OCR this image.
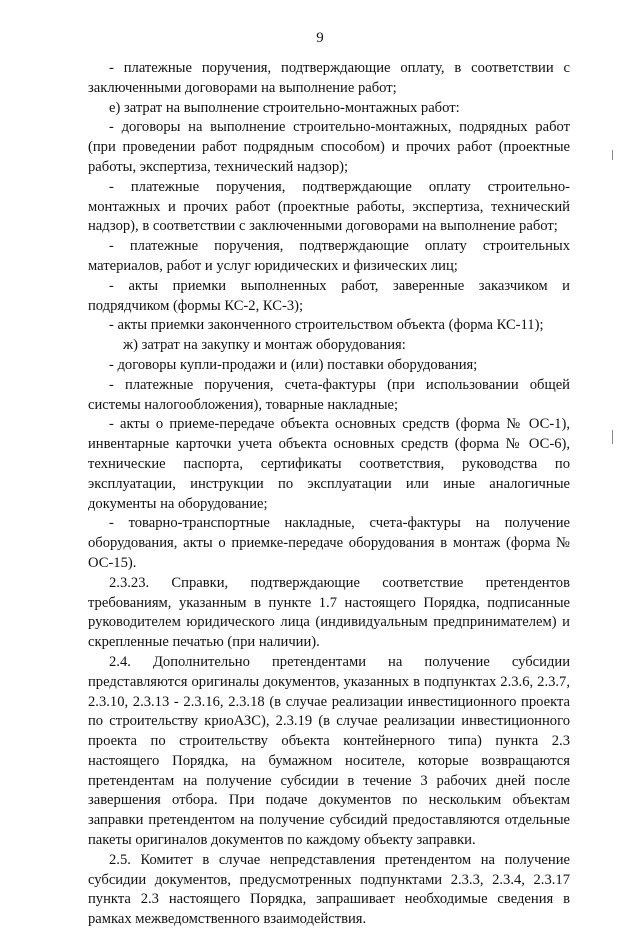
9

- платежные поручения, подтверждающие оплату, в соответствии с заключенными договорами на выполнение работ;

е) затрат на выполнение строительно-монтажных работ:

- договоры на выполнение строительно-монтажных, подрядных работ (при проведении работ подрядным способом) и прочих работ (проектные работы, экспертиза, технический надзор);

- платежные поручения, подтверждающие оплату строительно-монтажных и прочих работ (проектные работы, экспертиза, технический надзор), в соответствии с заключенными договорами на выполнение работ;

- платежные поручения, подтверждающие оплату строительных материалов, работ и услуг юридических и физических лиц;

- акты приемки выполненных работ, заверенные заказчиком и подрядчиком (формы КС-2, КС-3);

- акты приемки законченного строительством объекта (форма КС-11);

ж) затрат на закупку и монтаж оборудования:

- договоры купли-продажи и (или) поставки оборудования;

- платежные поручения, счета-фактуры (при использовании общей системы налогообложения), товарные накладные;

- акты о приеме-передаче объекта основных средств (форма № ОС-1), инвентарные карточки учета объекта основных средств (форма № ОС-6), технические паспорта, сертификаты соответствия, руководства по эксплуатации, инструкции по эксплуатации или иные аналогичные документы на оборудование;

- товарно-транспортные накладные, счета-фактуры на получение оборудования, акты о приемке-передаче оборудования в монтаж (форма № ОС-15).

2.3.23. Справки, подтверждающие соответствие претендентов требованиям, указанным в пункте 1.7 настоящего Порядка, подписанные руководителем юридического лица (индивидуальным предпринимателем) и скрепленные печатью (при наличии).

2.4. Дополнительно претендентами на получение субсидии представляются оригиналы документов, указанных в подпунктах 2.3.6, 2.3.7, 2.3.10, 2.3.13 - 2.3.16, 2.3.18 (в случае реализации инвестиционного проекта по строительству криоАЗС), 2.3.19 (в случае реализации инвестиционного проекта по строительству объекта контейнерного типа) пункта 2.3 настоящего Порядка, на бумажном носителе, которые возвращаются претендентам на получение субсидии в течение 3 рабочих дней после завершения отбора. При подаче документов по нескольким объектам заправки претендентом на получение субсидий предоставляются отдельные пакеты оригиналов документов по каждому объекту заправки.

2.5. Комитет в случае непредставления претендентом на получение субсидии документов, предусмотренных подпунктами 2.3.3, 2.3.4, 2.3.17 пункта 2.3 настоящего Порядка, запрашивает необходимые сведения в рамках межведомственного взаимодействия.
